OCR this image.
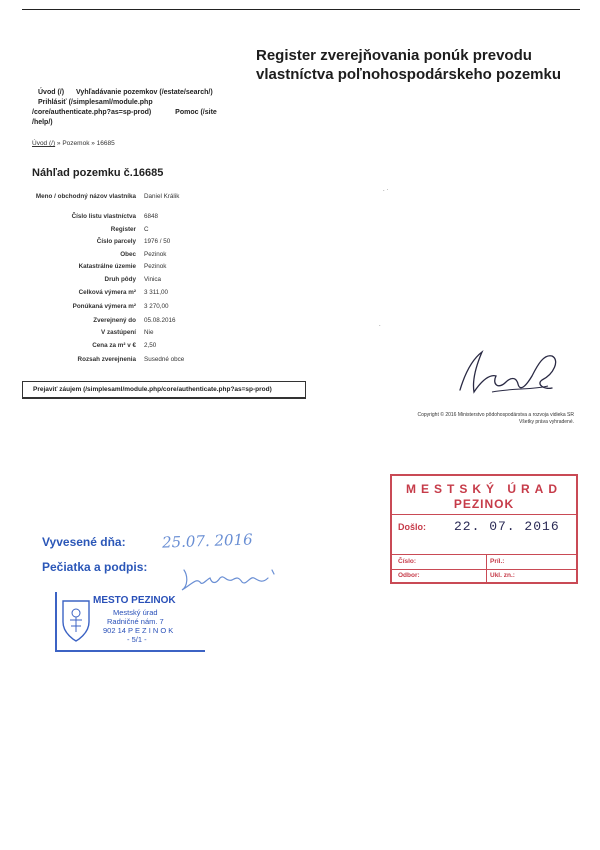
Register zverejňovania ponúk prevodu vlastníctva poľnohospodárskeho pozemku
Úvod (/) Vyhľadávanie pozemkov (/estate/search/)
Prihlásiť (/simplesaml/module.php
/core/authenticate.php?as=sp-prod)	Pomoc (/site
/help/)
Úvod (/) » Pozemok » 16685
Náhľad pozemku č.16685
Meno / obchodný názov vlastníka	Daniel Králik
Číslo listu vlastníctva	6848
Register	C
Číslo parcely	1976 / 50
Obec	Pezinok
Katastrálne územie	Pezinok
Druh pôdy	Vinica
Celková výmera m²	3 311,00
Ponúkaná výmera m²	3 270,00
Zverejnený do	05.08.2016
V zastúpení	Nie
Cena za m² v €	2,50
Rozsah zverejnenia	Susedné obce
Prejaviť záujem (/simplesaml/module.php/core/authenticate.php?as=sp-prod)
. ·
.
Copyright © 2016 Ministerstvo pôdohospodárstva a rozvoja vidieka SR
Všetky práva vyhradené.
MESTSKÝ ÚRAD
PEZINOK
Došlo: 22. 07. 2016
Číslo:	Príl.:
Odbor:	Ukl. zn.:
Vyvesené dňa: 25.07. 2016
Pečiatka a podpis:
MESTO PEZINOK
Mestský úrad
Radničné nám. 7
902 14 P E Z I N O K
- 5/1 -
